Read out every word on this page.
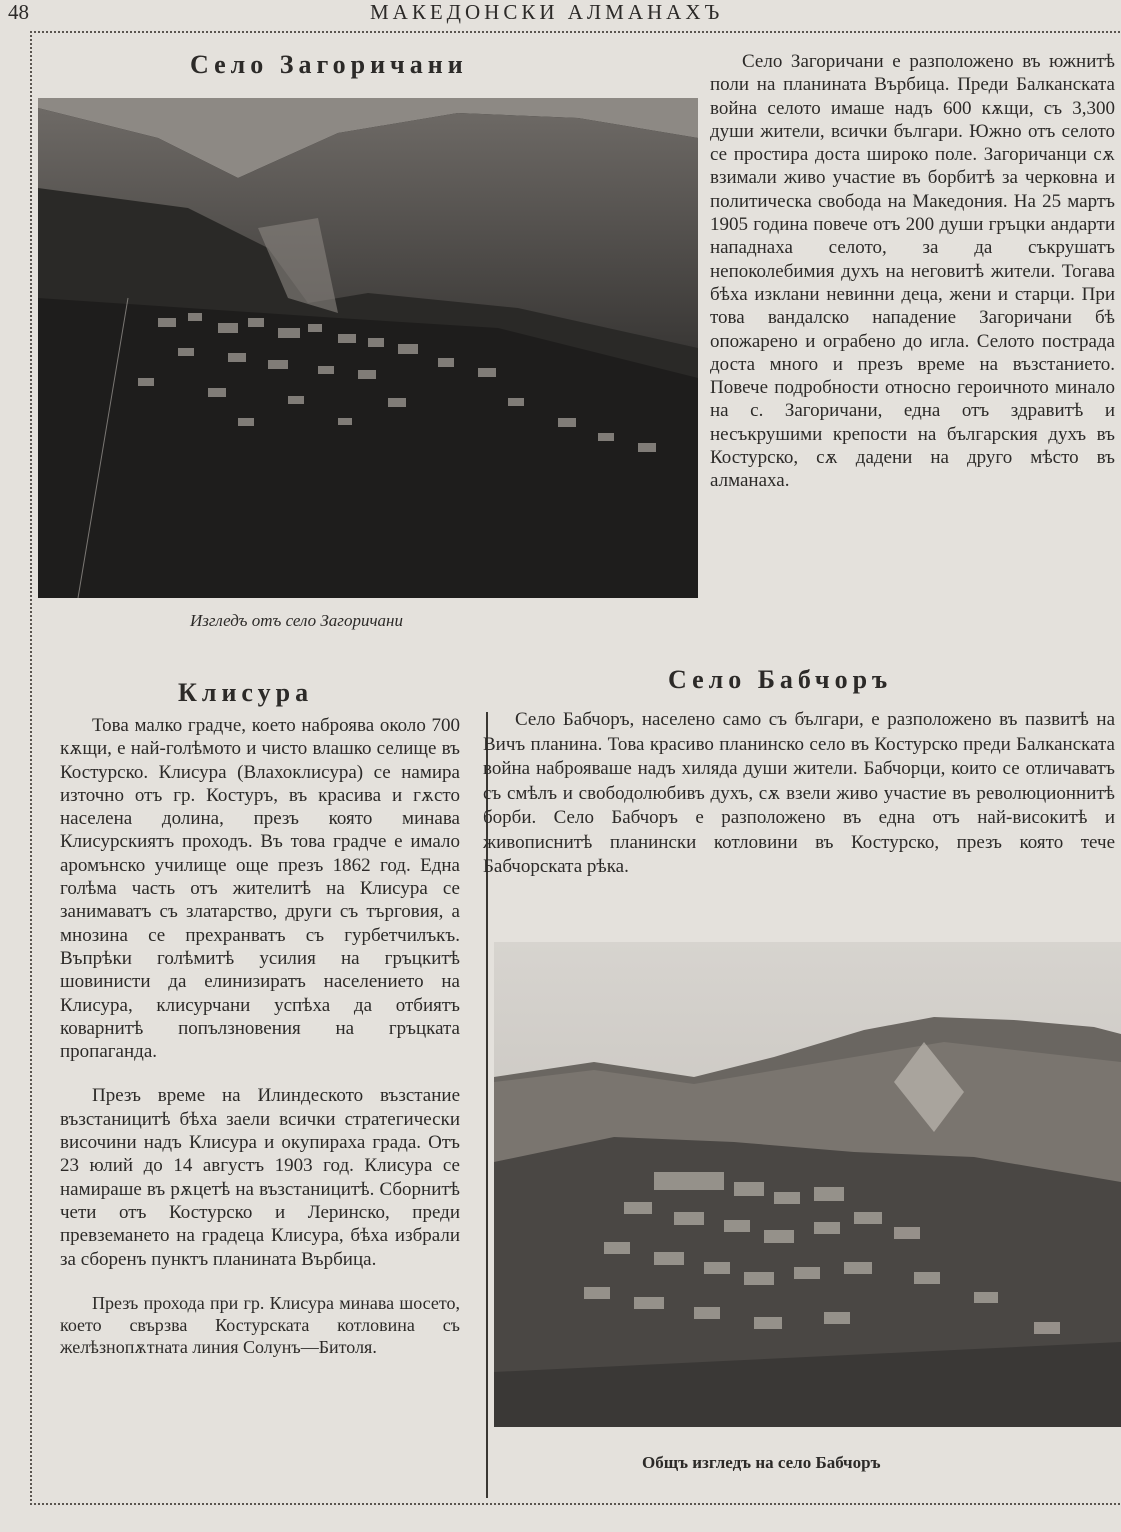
48	МАКЕДОНСКИ АЛМАНАХЪ
Село Загоричани
Изгледъ отъ село Загоричани

Село Загоричани е разположено въ южнитѣ поли на планината Върбица. Преди Балканската война селото имаше надъ 600 кѫщи, съ 3,300 души жители, всички българи. Южно отъ селото се простира доста широко поле. Загоричанци сѫ взимали живо участие въ борбитѣ за черковна и политическа свобода на Македония. На 25 мартъ 1905 година повече отъ 200 души гръцки андарти нападнаха селото, за да съкрушатъ непоколебимия духъ на неговитѣ жители. Тогава бѣха изклани невинни деца, жени и старци. При това вандалско нападение Загоричани бѣ опожарено и ограбено до игла. Селото пострада доста много и презъ време на възстанието. Повече подробности относно героичното минало на с. Загоричани, една отъ здравитѣ и несъкрушими крепости на българския духъ въ Костурско, сѫ дадени на друго мѣсто въ алманаха.

Клисура

Това малко градче, което наброява около 700 кѫщи, е най-голѣмото и чисто влашко селище въ Костурско. Клисура (Влахоклисура) се намира източно отъ гр. Костуръ, въ красива и гѫсто населена долина, презъ която минава Клисурскиятъ проходъ. Въ това градче е имало аромънско училище още презъ 1862 год. Една голѣма часть отъ жителитѣ на Клисура се занимаватъ съ златарство, други съ търговия, а мнозина се прехранватъ съ гурбетчилъкъ. Въпрѣки голѣмитѣ усилия на гръцкитѣ шовинисти да елинизиратъ населението на Клисура, клисурчани успѣха да отбиятъ коварнитѣ попълзновения на гръцката пропаганда.

Презъ време на Илиндеското възстание възстаницитѣ бѣха заели всички стратегически височини надъ Клисура и окупираха града. Отъ 23 юлий до 14 августъ 1903 год. Клисура се намираше въ рѫцетѣ на възстаницитѣ. Сборнитѣ чети отъ Костурско и Леринско, преди превземането на градеца Клисура, бѣха избрали за сборенъ пунктъ планината Върбица.

Презъ прохода при гр. Клисура минава шосето, което свързва Костурската котловина съ желѣзнопѫтната линия Солунъ—Битоля.

Село Бабчоръ

Село Бабчоръ, населено само съ българи, е разположено въ пазвитѣ на Вичъ планина. Това красиво планинско село въ Костурско преди Балканската война наброяваше надъ хиляда души жители. Бабчорци, които се отличаватъ съ смѣлъ и свободолюбивъ духъ, сѫ взели живо участие въ революционнитѣ борби. Село Бабчоръ е разположено въ една отъ най-високитѣ и живописнитѣ планински котловини въ Костурско, презъ която тече Бабчорската рѣка.

Общъ изгледъ на село Бабчоръ
